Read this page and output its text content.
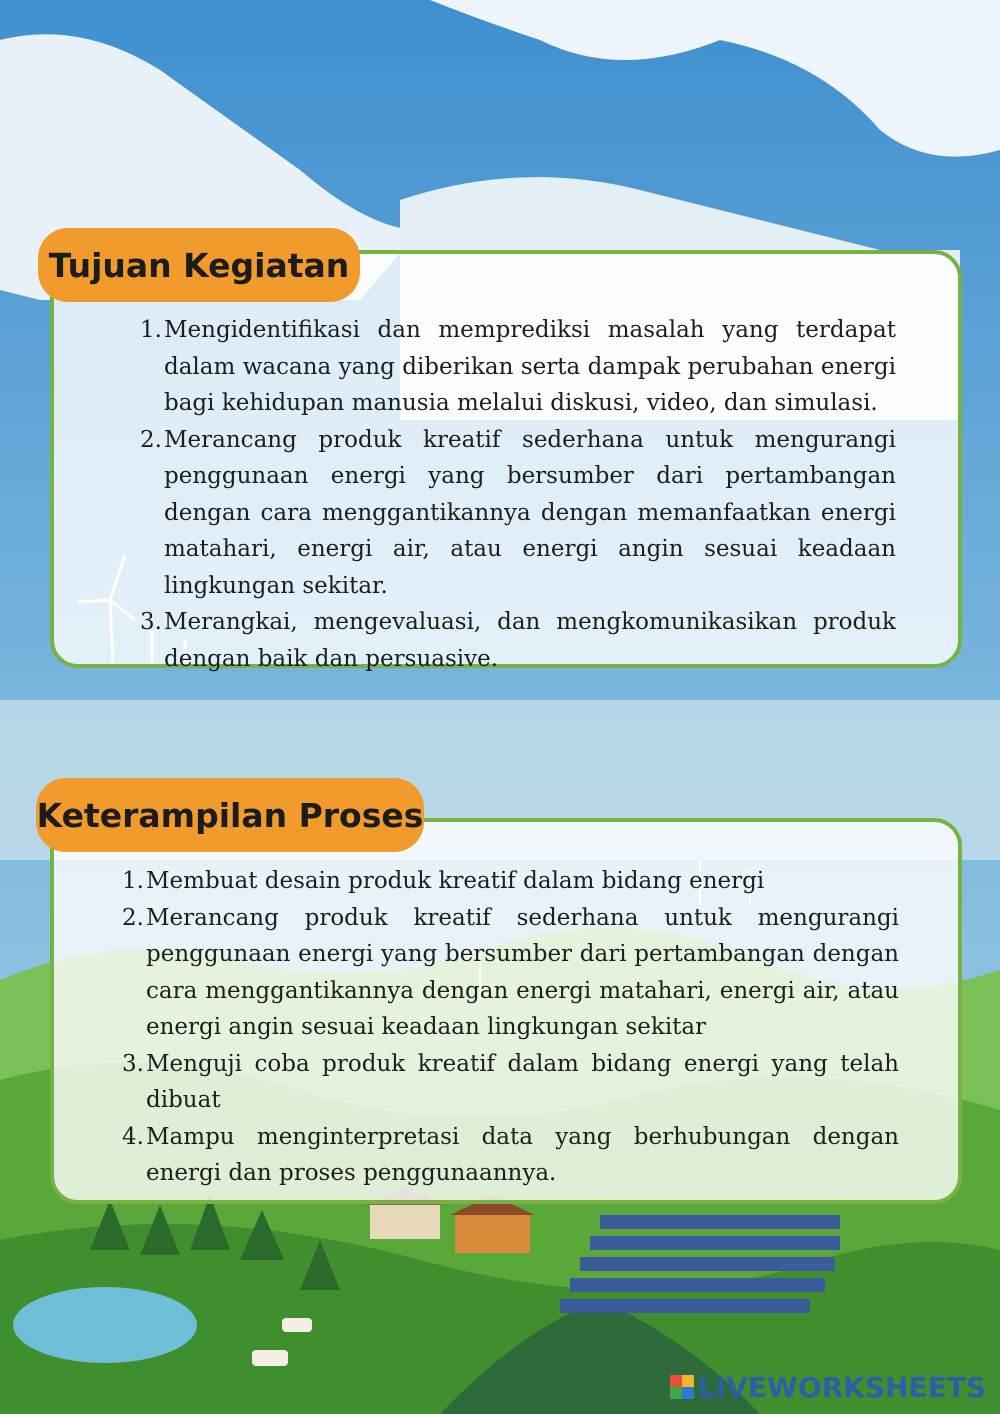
Tujuan Kegiatan
1. Mengidentifikasi dan memprediksi masalah yang terdapat dalam wacana yang diberikan serta dampak perubahan energi bagi kehidupan manusia melalui diskusi, video, dan simulasi.
2. Merancang produk kreatif sederhana untuk mengurangi penggunaan energi yang bersumber dari pertambangan dengan cara menggantikannya dengan memanfaatkan energi matahari, energi air, atau energi angin sesuai keadaan lingkungan sekitar.
3. Merangkai, mengevaluasi, dan mengkomunikasikan produk dengan baik dan persuasive.
Keterampilan Proses
1. Membuat desain produk kreatif dalam bidang energi
2. Merancang produk kreatif sederhana untuk mengurangi penggunaan energi yang bersumber dari pertambangan dengan cara menggantikannya dengan energi matahari, energi air, atau energi angin sesuai keadaan lingkungan sekitar
3. Menguji coba produk kreatif dalam bidang energi yang telah dibuat
4. Mampu menginterpretasi data yang berhubungan dengan energi dan proses penggunaannya.
LIVEWORKSHEETS
